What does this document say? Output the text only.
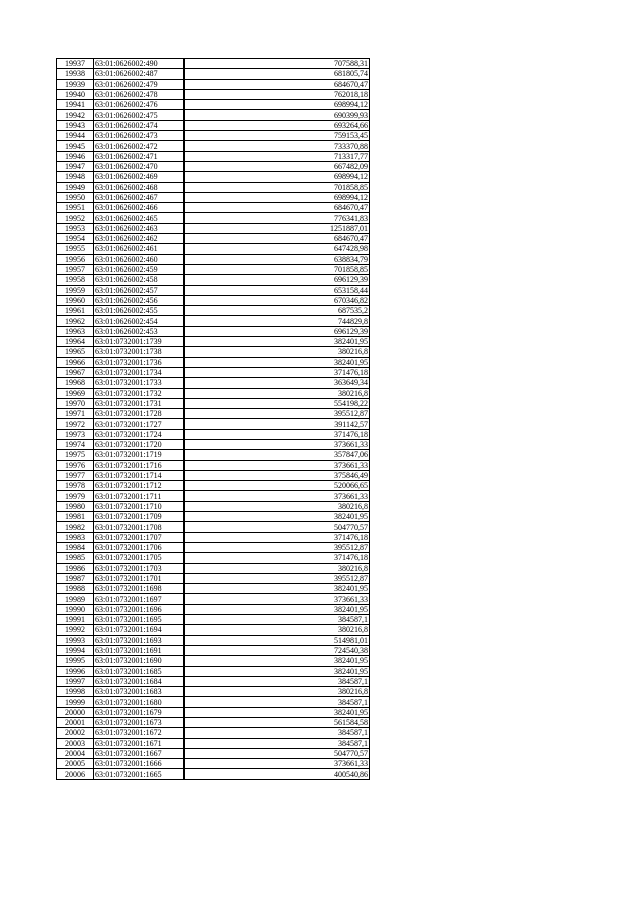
19937	63:01:0626002:490	707588,31
19938	63:01:0626002:487	681805,74
19939	63:01:0626002:479	684670,47
19940	63:01:0626002:478	762018,18
19941	63:01:0626002:476	698994,12
19942	63:01:0626002:475	690399,93
19943	63:01:0626002:474	693264,66
19944	63:01:0626002:473	759153,45
19945	63:01:0626002:472	733370,88
19946	63:01:0626002:471	713317,77
19947	63:01:0626002:470	667482,09
19948	63:01:0626002:469	698994,12
19949	63:01:0626002:468	701858,85
19950	63:01:0626002:467	698994,12
19951	63:01:0626002:466	684670,47
19952	63:01:0626002:465	776341,83
19953	63:01:0626002:463	1251887,01
19954	63:01:0626002:462	684670,47
19955	63:01:0626002:461	647428,98
19956	63:01:0626002:460	638834,79
19957	63:01:0626002:459	701858,85
19958	63:01:0626002:458	696129,39
19959	63:01:0626002:457	653158,44
19960	63:01:0626002:456	670346,82
19961	63:01:0626002:455	687535,2
19962	63:01:0626002:454	744829,8
19963	63:01:0626002:453	696129,39
19964	63:01:0732001:1739	382401,95
19965	63:01:0732001:1738	380216,8
19966	63:01:0732001:1736	382401,95
19967	63:01:0732001:1734	371476,18
19968	63:01:0732001:1733	363649,34
19969	63:01:0732001:1732	380216,8
19970	63:01:0732001:1731	554198,22
19971	63:01:0732001:1728	395512,87
19972	63:01:0732001:1727	391142,57
19973	63:01:0732001:1724	371476,18
19974	63:01:0732001:1720	373661,33
19975	63:01:0732001:1719	357847,06
19976	63:01:0732001:1716	373661,33
19977	63:01:0732001:1714	375846,49
19978	63:01:0732001:1712	520066,65
19979	63:01:0732001:1711	373661,33
19980	63:01:0732001:1710	380216,8
19981	63:01:0732001:1709	382401,95
19982	63:01:0732001:1708	504770,57
19983	63:01:0732001:1707	371476,18
19984	63:01:0732001:1706	395512,87
19985	63:01:0732001:1705	371476,18
19986	63:01:0732001:1703	380216,8
19987	63:01:0732001:1701	395512,87
19988	63:01:0732001:1698	382401,95
19989	63:01:0732001:1697	373661,33
19990	63:01:0732001:1696	382401,95
19991	63:01:0732001:1695	384587,1
19992	63:01:0732001:1694	380216,8
19993	63:01:0732001:1693	514981,01
19994	63:01:0732001:1691	724540,38
19995	63:01:0732001:1690	382401,95
19996	63:01:0732001:1685	382401,95
19997	63:01:0732001:1684	384587,1
19998	63:01:0732001:1683	380216,8
19999	63:01:0732001:1680	384587,1
20000	63:01:0732001:1679	382401,95
20001	63:01:0732001:1673	561584,58
20002	63:01:0732001:1672	384587,1
20003	63:01:0732001:1671	384587,1
20004	63:01:0732001:1667	504770,57
20005	63:01:0732001:1666	373661,33
20006	63:01:0732001:1665	400540,86
